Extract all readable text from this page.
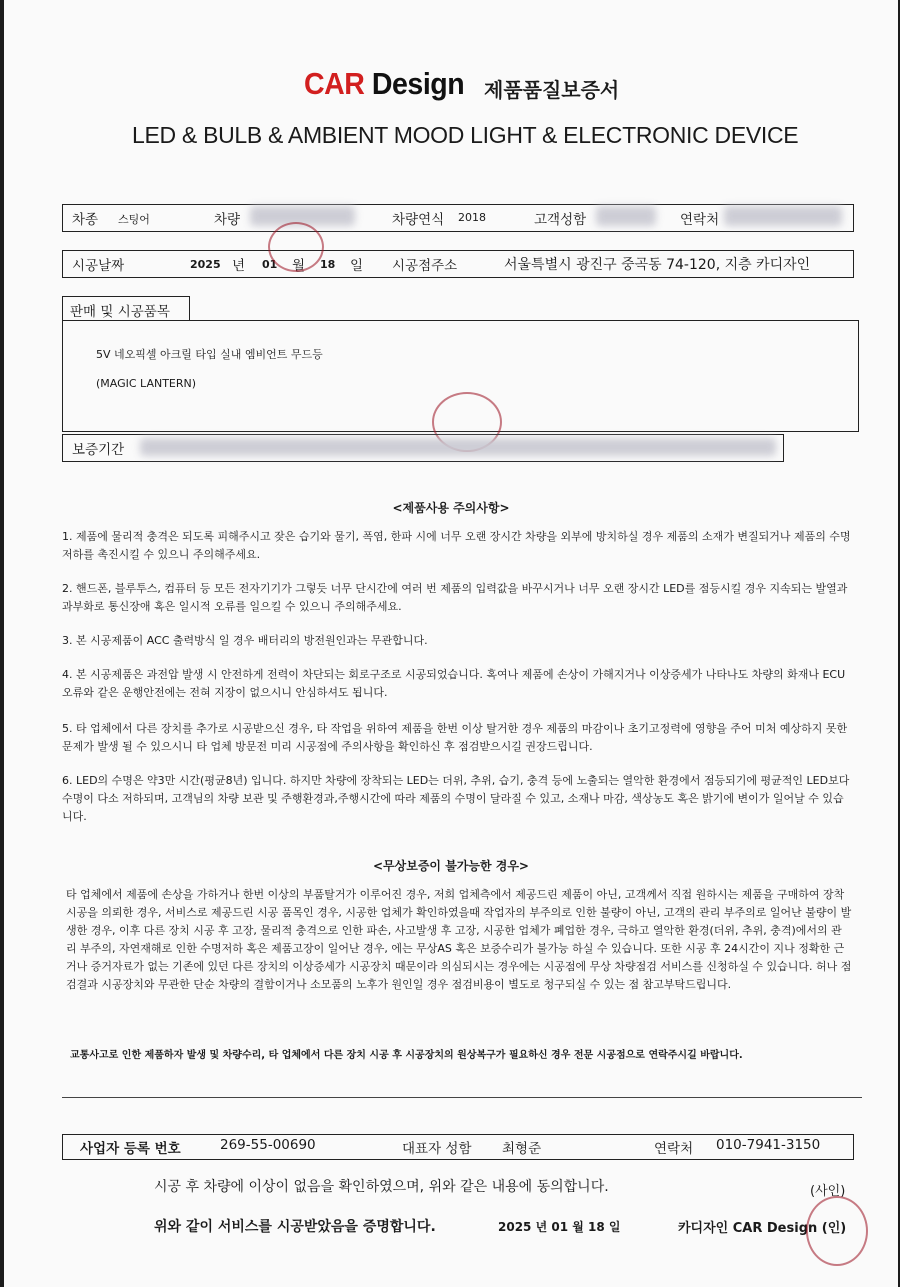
CAR Design 제품품질보증서
LED & BULB & AMBIENT MOOD LIGHT & ELECTRONIC DEVICE
차종 스팅어	차량	차량연식 2018	고객성함	연락처
시공날짜	2025 년 01 월 18 일 시공점주소	서울특별시 광진구 중곡동 74-120, 지층 카디자인
판매 및 시공품목
5V 네오픽셀 아크릴 타입 실내 엠비언트 무드등
(MAGIC LANTERN)
보증기간
<제품사용 주의사항>
1. 제품에 물리적 충격은 되도록 피해주시고 잦은 습기와 물기, 폭염, 한파 시에 너무 오랜 장시간 차량을 외부에 방치하실 경우 제품의 소재가 변질되거나 제품의 수명저하를 촉진시킬 수 있으니 주의해주세요.
2. 핸드폰, 블루투스, 컴퓨터 등 모든 전자기기가 그렇듯 너무 단시간에 여러 번 제품의 입력값을 바꾸시거나 너무 오랜 장시간 LED를 점등시킬 경우 지속되는 발열과 과부화로 통신장애 혹은 일시적 오류를 일으킬 수 있으니 주의해주세요.
3. 본 시공제품이 ACC 출력방식 일 경우 배터리의 방전원인과는 무관합니다.
4. 본 시공제품은 과전압 발생 시 안전하게 전력이 차단되는 회로구조로 시공되었습니다. 혹여나 제품에 손상이 가해지거나 이상증세가 나타나도 차량의 화재나 ECU오류와 같은 운행안전에는 전혀 지장이 없으시니 안심하셔도 됩니다.
5. 타 업체에서 다른 장치를 추가로 시공받으신 경우, 타 작업을 위하여 제품을 한번 이상 탈거한 경우 제품의 마감이나 초기고정력에 영향을 주어 미처 예상하지 못한 문제가 발생 될 수 있으시니 타 업체 방문전 미리 시공점에 주의사항을 확인하신 후 점검받으시길 권장드립니다.
6. LED의 수명은 약3만 시간(평균8년) 입니다. 하지만 차량에 장착되는 LED는 더위, 추위, 습기, 충격 등에 노출되는 열악한 환경에서 점등되기에 평균적인 LED보다 수명이 다소 저하되며, 고객님의 차량 보관 및 주행환경과,주행시간에 따라 제품의 수명이 달라질 수 있고, 소재나 마감, 색상농도 혹은 밝기에 변이가 일어날 수 있습니다.
<무상보증이 불가능한 경우>
타 업체에서 제품에 손상을 가하거나 한번 이상의 부품탈거가 이루어진 경우, 저희 업체측에서 제공드린 제품이 아닌, 고객께서 직접 원하시는 제품을 구매하여 장착 시공을 의뢰한 경우, 서비스로 제공드린 시공 품목인 경우, 시공한 업체가 확인하였을때 작업자의 부주의로 인한 불량이 아닌, 고객의 관리 부주의로 일어난 불량이 발생한 경우, 이후 다른 장치 시공 후 고장, 물리적 충격으로 인한 파손, 사고발생 후 고장, 시공한 업체가 폐업한 경우, 극하고 열악한 환경(더위, 추위, 충격)에서의 관리 부주의, 자연재해로 인한 수명저하 혹은 제품고장이 일어난 경우, 에는 무상AS 혹은 보증수리가 불가능 하실 수 있습니다. 또한 시공 후 24시간이 지나 정확한 근거나 증거자료가 없는 기존에 있던 다른 장치의 이상증세가 시공장치 때문이라 의심되시는 경우에는 시공점에 무상 차량점검 서비스를 신청하실 수 있습니다. 허나 점검결과 시공장치와 무관한 단순 차량의 결함이거나 소모품의 노후가 원인일 경우 점검비용이 별도로 청구되실 수 있는 점 참고부탁드립니다.
교통사고로 인한 제품하자 발생 및 차량수리, 타 업체에서 다른 장치 시공 후 시공장치의 원상복구가 필요하신 경우 전문 시공점으로 연락주시길 바랍니다.
사업자 등록 번호	269-55-00690	대표자 성함 최형준	연락처 010-7941-3150
시공 후 차량에 이상이 없음을 확인하였으며, 위와 같은 내용에 동의합니다.	(사인)
위와 같이 서비스를 시공받았음을 증명합니다.	2025 년 01 월 18 일	카디자인 CAR Design (인)
